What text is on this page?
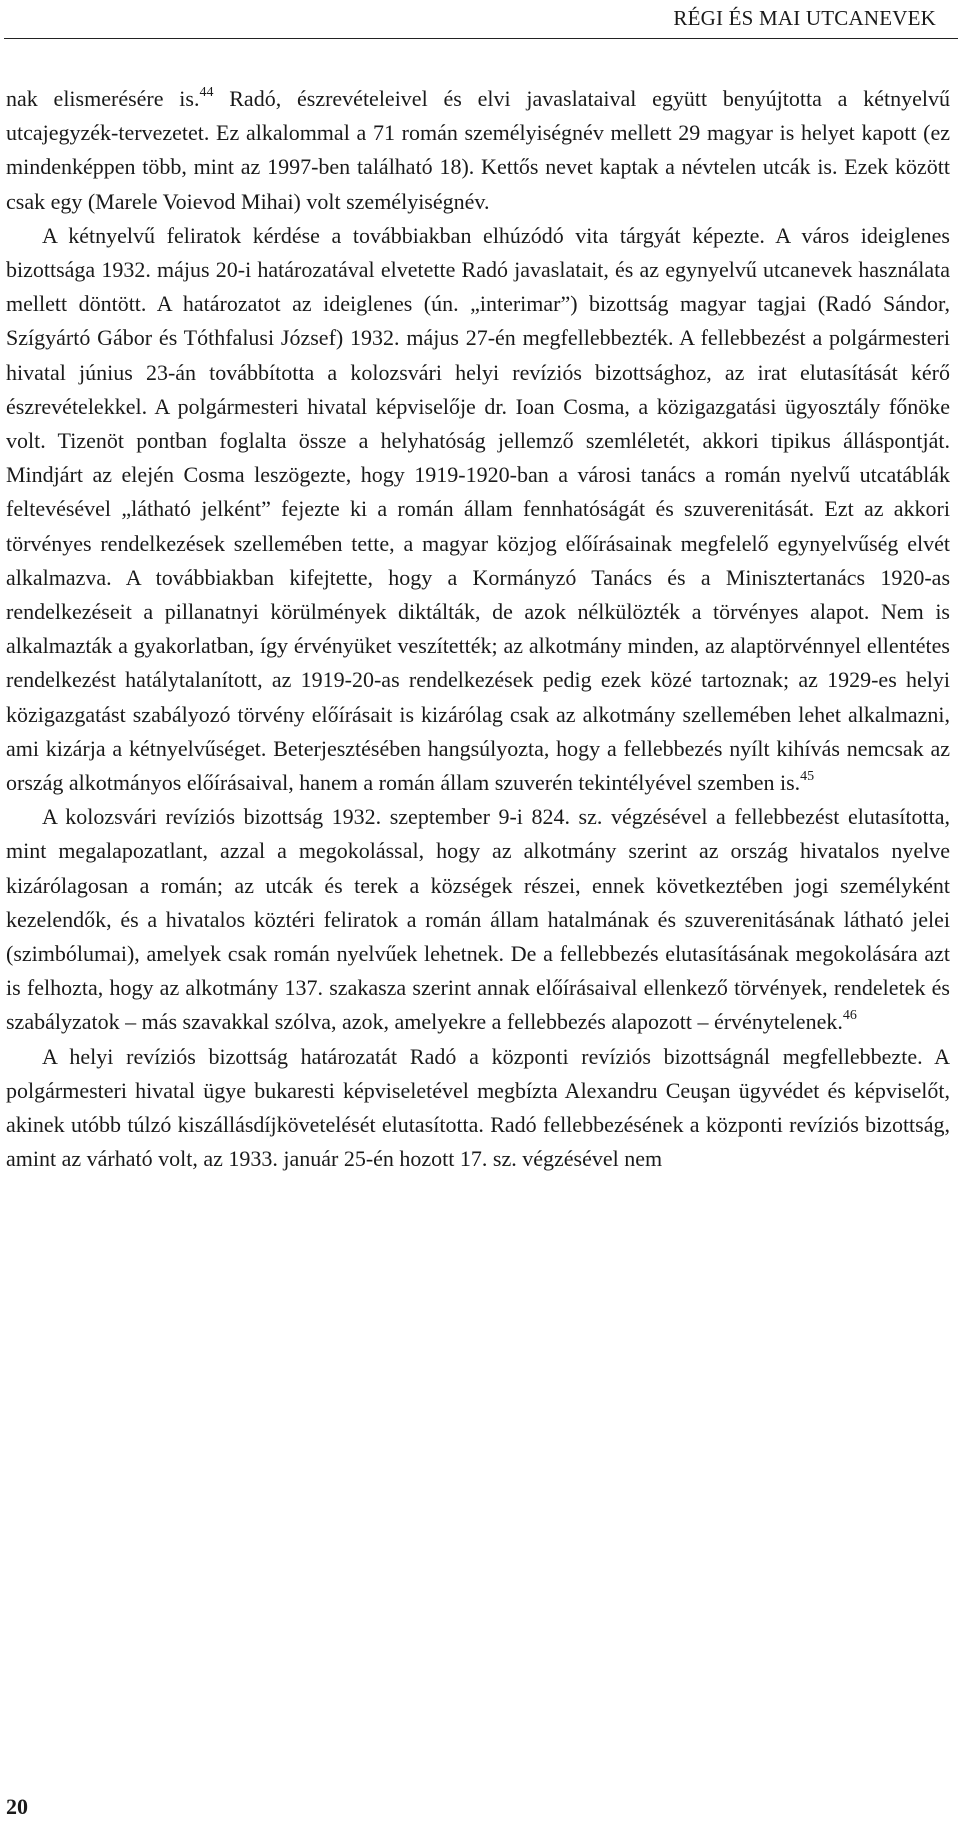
RÉGI ÉS MAI UTCANEVEK

nak elismerésére is.$^{44}$ Radó, észrevételeivel és elvi javaslataival együtt benyújtotta a kétnyelvű utcajegyzék-tervezetet. Ez alkalommal a 71 román személyiségnév mellett 29 magyar is helyet kapott (ez mindenképpen több, mint az 1997-ben található 18). Kettős nevet kaptak a névtelen utcák is. Ezek között csak egy (Marele Voievod Mihai) volt személyiségnév.

A kétnyelvű feliratok kérdése a továbbiakban elhúzódó vita tárgyát képezte. A város ideiglenes bizottsága 1932. május 20-i határozatával elvetette Radó javaslatait, és az egynyelvű utcanevek használata mellett döntött. A határozatot az ideiglenes (ún. „interimar”) bizottság magyar tagjai (Radó Sándor, Szígyártó Gábor és Tóthfalusi József) 1932. május 27-én megfellebbezték. A fellebbezést a polgármesteri hivatal június 23-án továbbította a kolozsvári helyi revíziós bizottsághoz, az irat elutasítását kérő észrevételekkel. A polgármesteri hivatal képviselője dr. Ioan Cosma, a közigazgatási ügyosztály főnöke volt. Tizenöt pontban foglalta össze a helyhatóság jellemző szemléletét, akkori tipikus álláspontját. Mindjárt az elején Cosma leszögezte, hogy 1919-1920-ban a városi tanács a román nyelvű utcatáblák feltevésével „látható jelként” fejezte ki a román állam fennhatóságát és szuverenitását. Ezt az akkori törvényes rendelkezések szellemében tette, a magyar közjog előírásainak megfelelő egynyelvűség elvét alkalmazva. A továbbiakban kifejtette, hogy a Kormányzó Tanács és a Minisztertanács 1920-as rendelkezéseit a pillanatnyi körülmények diktálták, de azok nélkülözték a törvényes alapot. Nem is alkalmazták a gyakorlatban, így érvényüket veszítették; az alkotmány minden, az alaptörvénnyel ellentétes rendelkezést hatálytalanított, az 1919-20-as rendelkezések pedig ezek közé tartoznak; az 1929-es helyi közigazgatást szabályozó törvény előírásait is kizárólag csak az alkotmány szellemében lehet alkalmazni, ami kizárja a kétnyelvűséget. Beterjesztésében hangsúlyozta, hogy a fellebbezés nyílt kihívás nemcsak az ország alkotmányos előírásaival, hanem a román állam szuverén tekintélyével szemben is.$^{45}$

A kolozsvári revíziós bizottság 1932. szeptember 9-i 824. sz. végzésével a fellebbezést elutasította, mint megalapozatlant, azzal a megokolással, hogy az alkotmány szerint az ország hivatalos nyelve kizárólagosan a román; az utcák és terek a községek részei, ennek következtében jogi személyként kezelendők, és a hivatalos köztéri feliratok a román állam hatalmának és szuverenitásának látható jelei (szimbólumai), amelyek csak román nyelvűek lehetnek. De a fellebbezés elutasításának megokolására azt is felhozta, hogy az alkotmány 137. szakasza szerint annak előírásaival ellenkező törvények, rendeletek és szabályzatok – más szavakkal szólva, azok, amelyekre a fellebbezés alapozott – érvénytelenek.$^{46}$

A helyi revíziós bizottság határozatát Radó a központi revíziós bizottságnál megfellebbezte. A polgármesteri hivatal ügye bukaresti képviseletével megbízta Alexandru Ceuşan ügyvédet és képviselőt, akinek utóbb túlzó kiszállásdíjkövetelését elutasította. Radó fellebbezésének a központi revíziós bizottság, amint az várható volt, az 1933. január 25-én hozott 17. sz. végzésével nem

20
